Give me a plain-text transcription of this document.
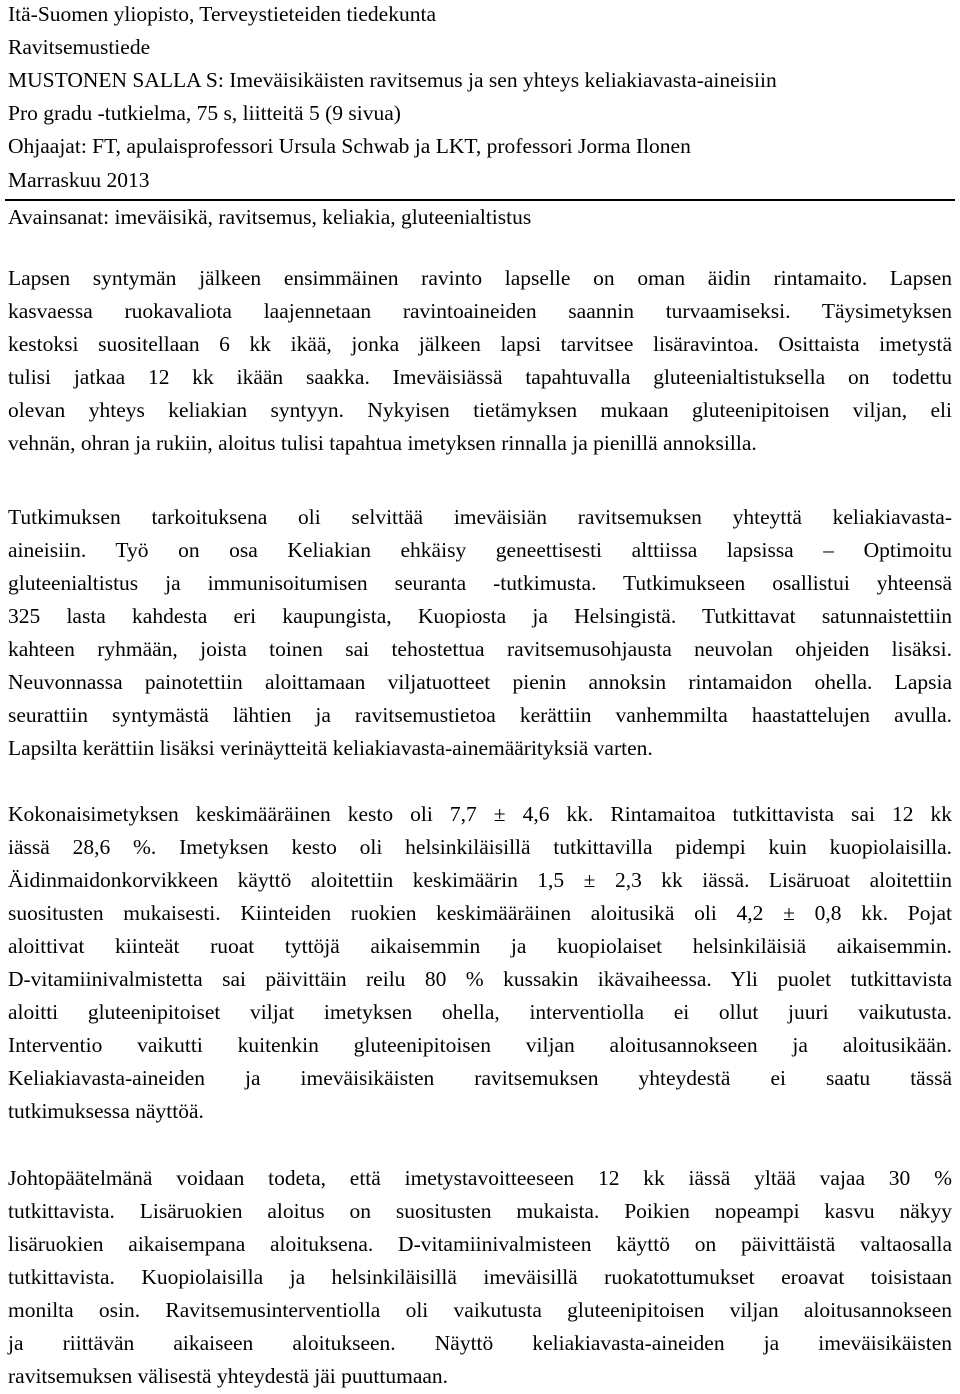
Itä-Suomen yliopisto, Terveystieteiden tiedekunta
Ravitsemustiede
MUSTONEN SALLA S: Imeväisikäisten ravitsemus ja sen yhteys keliakiavasta-aineisiin
Pro gradu -tutkielma, 75 s, liitteitä 5 (9 sivua)
Ohjaajat: FT, apulaisprofessori Ursula Schwab ja LKT, professori Jorma Ilonen
Marraskuu 2013
Avainsanat: imeväisikä, ravitsemus, keliakia, gluteenialtistus
Lapsen syntymän jälkeen ensimmäinen ravinto lapselle on oman äidin rintamaito. Lapsen
kasvaessa ruokavaliota laajennetaan ravintoaineiden saannin turvaamiseksi. Täysimetyksen
kestoksi suositellaan 6 kk ikää, jonka jälkeen lapsi tarvitsee lisäravintoa. Osittaista imetystä
tulisi jatkaa 12 kk ikään saakka. Imeväisiässä tapahtuvalla gluteenialtistuksella on todettu
olevan yhteys keliakian syntyyn. Nykyisen tietämyksen mukaan gluteenipitoisen viljan, eli
vehnän, ohran ja rukiin, aloitus tulisi tapahtua imetyksen rinnalla ja pienillä annoksilla.
Tutkimuksen tarkoituksena oli selvittää imeväisiän ravitsemuksen yhteyttä keliakiavasta-
aineisiin. Työ on osa Keliakian ehkäisy geneettisesti alttiissa lapsissa – Optimoitu
gluteenialtistus ja immunisoitumisen seuranta -tutkimusta. Tutkimukseen osallistui yhteensä
325 lasta kahdesta eri kaupungista, Kuopiosta ja Helsingistä. Tutkittavat satunnaistettiin
kahteen ryhmään, joista toinen sai tehostettua ravitsemusohjausta neuvolan ohjeiden lisäksi.
Neuvonnassa painotettiin aloittamaan viljatuotteet pienin annoksin rintamaidon ohella. Lapsia
seurattiin syntymästä lähtien ja ravitsemustietoa kerättiin vanhemmilta haastattelujen avulla.
Lapsilta kerättiin lisäksi verinäytteitä keliakiavasta-ainemäärityksiä varten.
Kokonaisimetyksen keskimääräinen kesto oli 7,7 ± 4,6 kk. Rintamaitoa tutkittavista sai 12 kk
iässä 28,6 %. Imetyksen kesto oli helsinkiläisillä tutkittavilla pidempi kuin kuopiolaisilla.
Äidinmaidonkorvikkeen käyttö aloitettiin keskimäärin 1,5 ± 2,3 kk iässä. Lisäruoat aloitettiin
suositusten mukaisesti. Kiinteiden ruokien keskimääräinen aloitusikä oli 4,2 ± 0,8 kk. Pojat
aloittivat kiinteät ruoat tyttöjä aikaisemmin ja kuopiolaiset helsinkiläisiä aikaisemmin.
D-vitamiinivalmistetta sai päivittäin reilu 80 % kussakin ikävaiheessa. Yli puolet tutkittavista
aloitti gluteenipitoiset viljat imetyksen ohella, interventiolla ei ollut juuri vaikutusta.
Interventio vaikutti kuitenkin gluteenipitoisen viljan aloitusannokseen ja aloitusikään.
Keliakiavasta-aineiden ja imeväisikäisten ravitsemuksen yhteydestä ei saatu tässä
tutkimuksessa näyttöä.
Johtopäätelmänä voidaan todeta, että imetystavoitteeseen 12 kk iässä yltää vajaa 30 %
tutkittavista. Lisäruokien aloitus on suositusten mukaista. Poikien nopeampi kasvu näkyy
lisäruokien aikaisempana aloituksena. D-vitamiinivalmisteen käyttö on päivittäistä valtaosalla
tutkittavista. Kuopiolaisilla ja helsinkiläisillä imeväisillä ruokatottumukset eroavat toisistaan
monilta osin. Ravitsemusinterventiolla oli vaikutusta gluteenipitoisen viljan aloitusannokseen
ja riittävän aikaiseen aloitukseen. Näyttö keliakiavasta-aineiden ja imeväisikäisten
ravitsemuksen välisestä yhteydestä jäi puuttumaan.
